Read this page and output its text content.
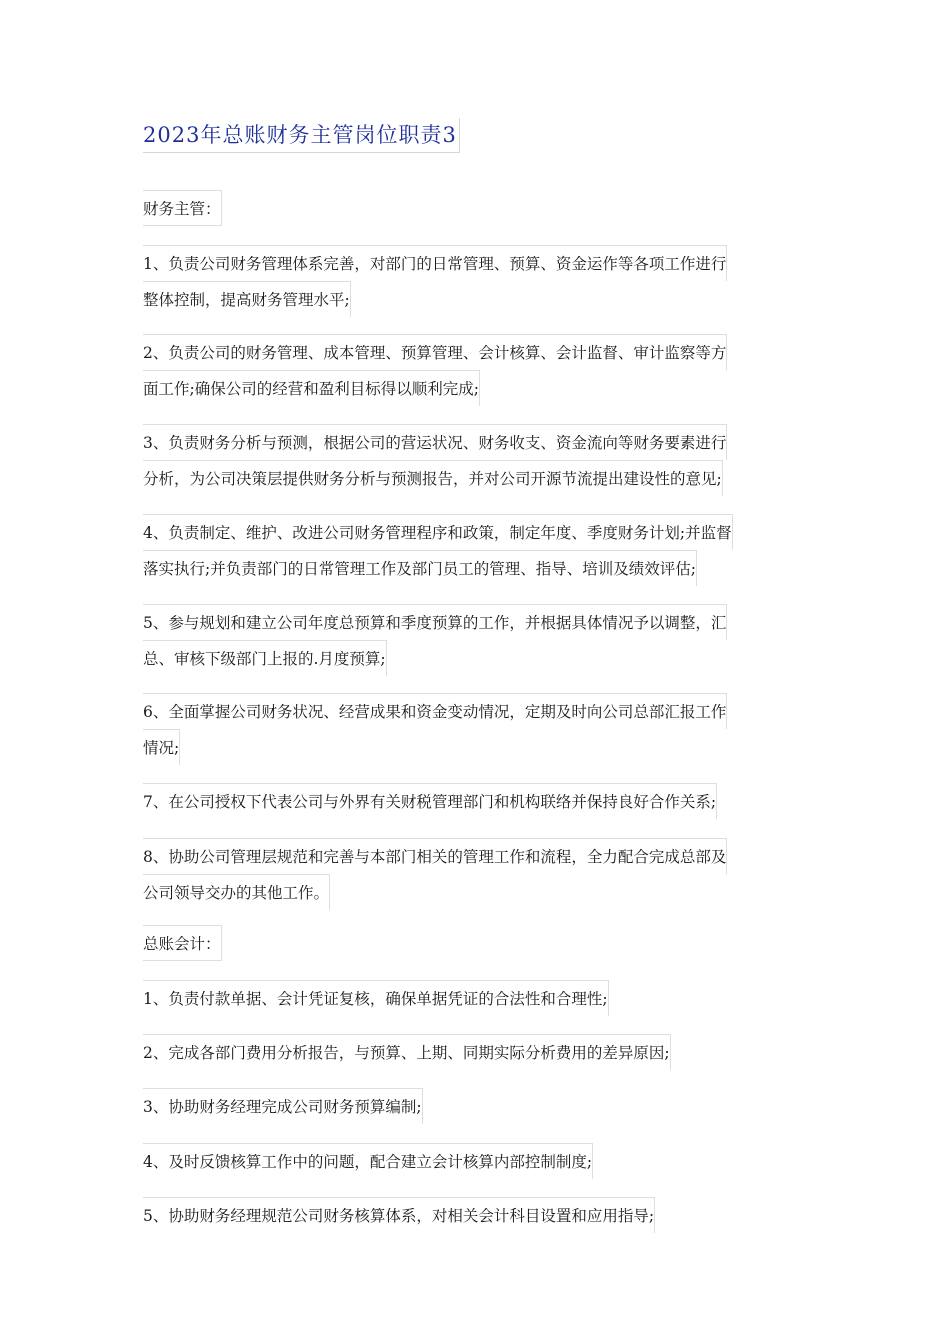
2023年总账财务主管岗位职责3
财务主管：
1、负责公司财务管理体系完善，对部门的日常管理、预算、资金运作等各项工作进行
整体控制，提高财务管理水平;
2、负责公司的财务管理、成本管理、预算管理、会计核算、会计监督、审计监察等方
面工作;确保公司的经营和盈利目标得以顺利完成;
3、负责财务分析与预测，根据公司的营运状况、财务收支、资金流向等财务要素进行
分析，为公司决策层提供财务分析与预测报告，并对公司开源节流提出建设性的意见;
4、负责制定、维护、改进公司财务管理程序和政策，制定年度、季度财务计划;并监督
落实执行;并负责部门的日常管理工作及部门员工的管理、指导、培训及绩效评估;
5、参与规划和建立公司年度总预算和季度预算的工作，并根据具体情况予以调整，汇
总、审核下级部门上报的.月度预算;
6、全面掌握公司财务状况、经营成果和资金变动情况，定期及时向公司总部汇报工作
情况;
7、在公司授权下代表公司与外界有关财税管理部门和机构联络并保持良好合作关系;
8、协助公司管理层规范和完善与本部门相关的管理工作和流程，全力配合完成总部及
公司领导交办的其他工作。
总账会计：
1、负责付款单据、会计凭证复核，确保单据凭证的合法性和合理性;
2、完成各部门费用分析报告，与预算、上期、同期实际分析费用的差异原因;
3、协助财务经理完成公司财务预算编制;
4、及时反馈核算工作中的问题，配合建立会计核算内部控制制度;
5、协助财务经理规范公司财务核算体系，对相关会计科目设置和应用指导;
